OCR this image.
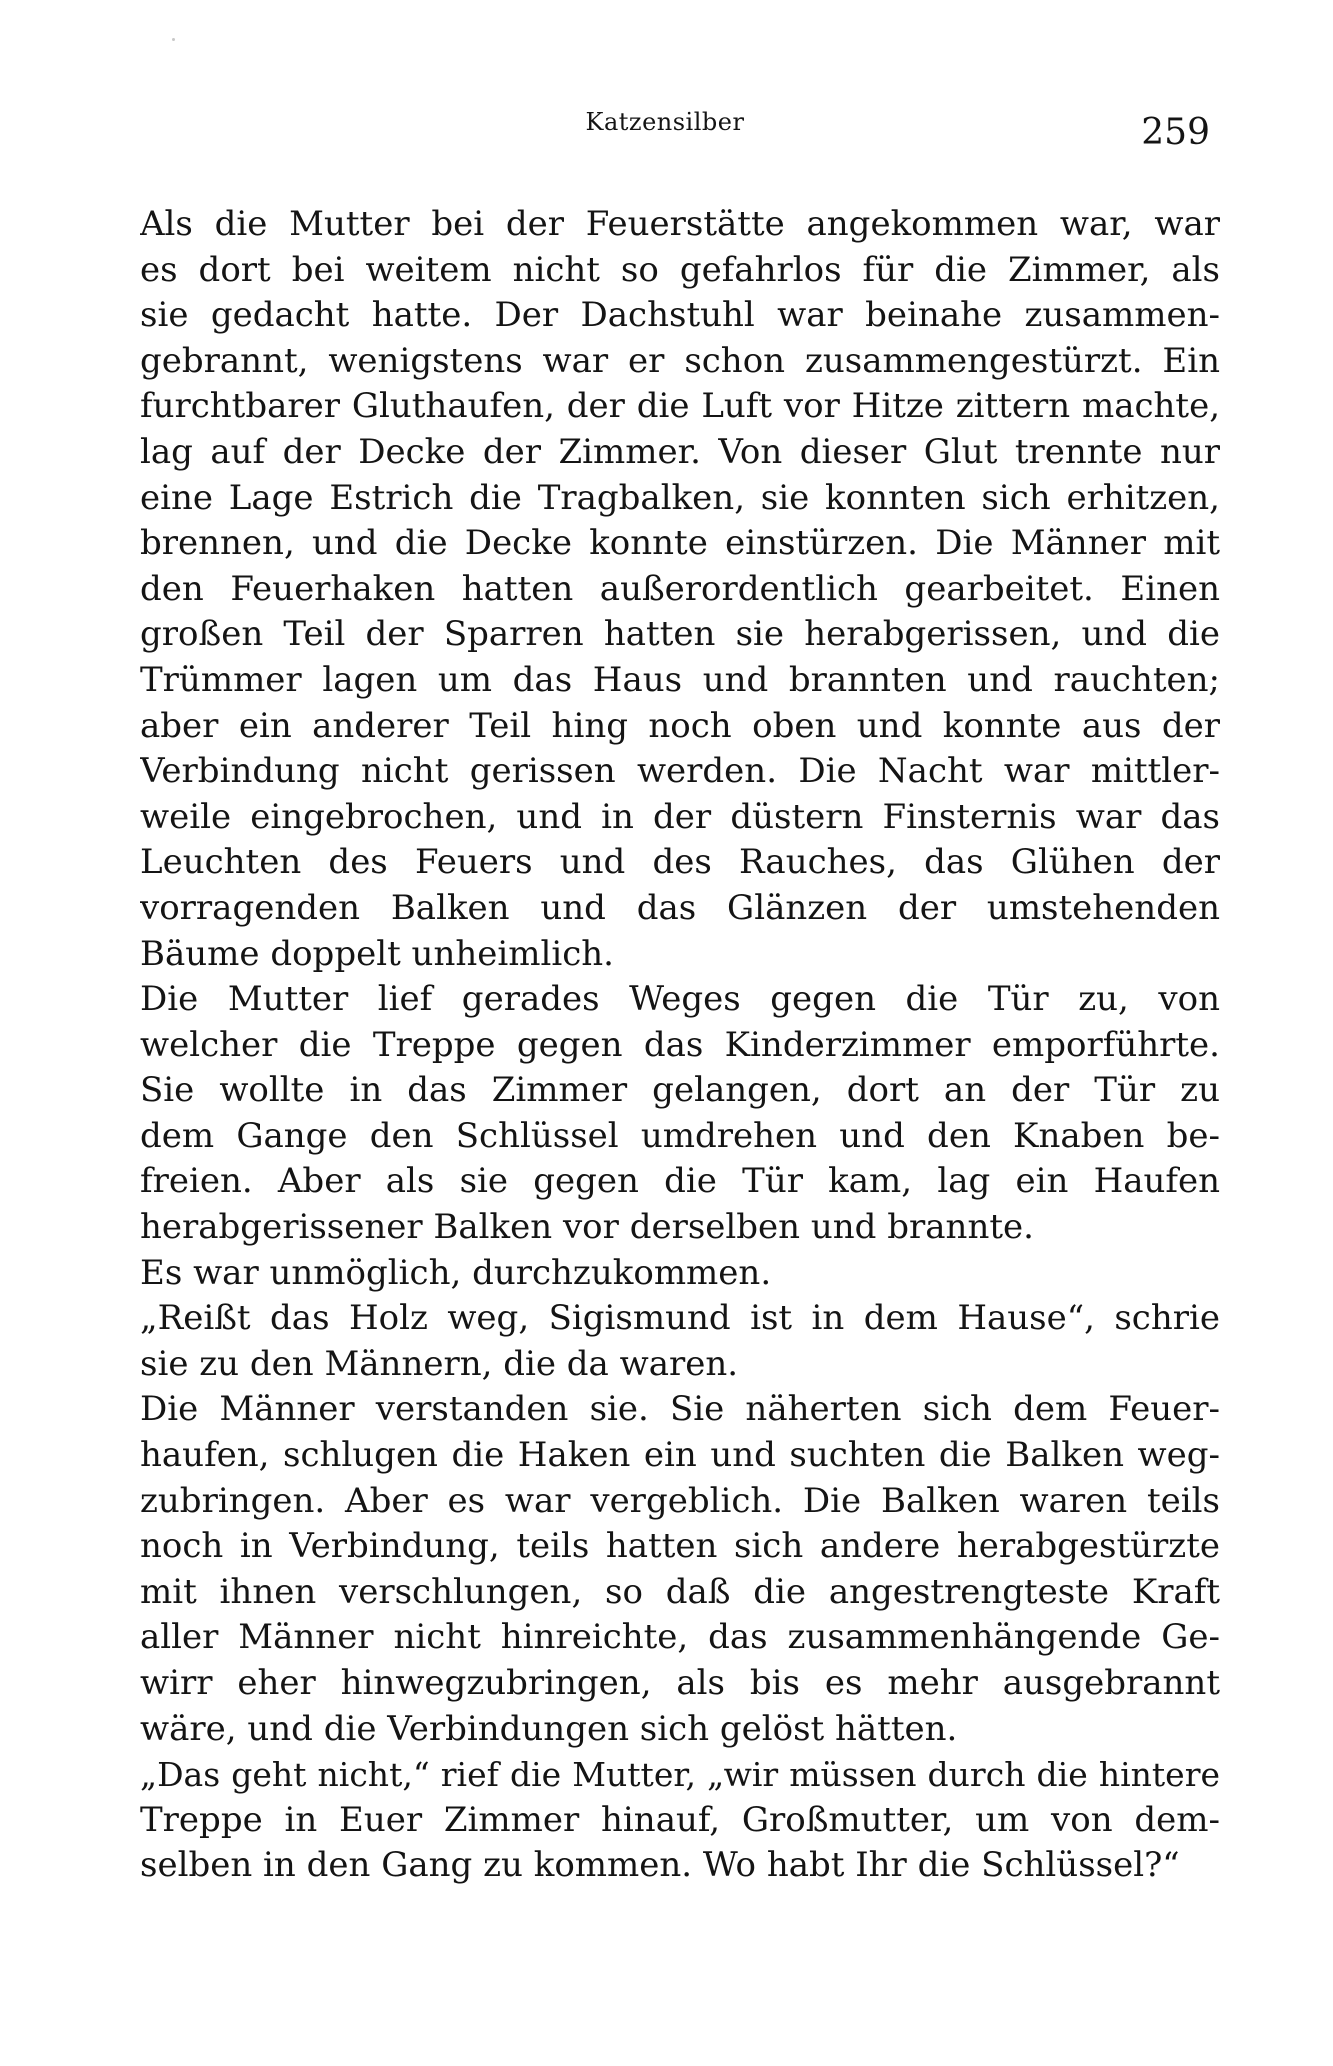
Katzensilber	259
Als die Mutter bei der Feuerstätte angekommen war, war
es dort bei weitem nicht so gefahrlos für die Zimmer, als
sie gedacht hatte. Der Dachstuhl war beinahe zusammen-
gebrannt, wenigstens war er schon zusammengestürzt. Ein
furchtbarer Gluthaufen, der die Luft vor Hitze zittern machte,
lag auf der Decke der Zimmer. Von dieser Glut trennte nur
eine Lage Estrich die Tragbalken, sie konnten sich erhitzen,
brennen, und die Decke konnte einstürzen. Die Männer mit
den Feuerhaken hatten außerordentlich gearbeitet. Einen
großen Teil der Sparren hatten sie herabgerissen, und die
Trümmer lagen um das Haus und brannten und rauchten;
aber ein anderer Teil hing noch oben und konnte aus der
Verbindung nicht gerissen werden. Die Nacht war mittler-
weile eingebrochen, und in der düstern Finsternis war das
Leuchten des Feuers und des Rauches, das Glühen der
vorragenden Balken und das Glänzen der umstehenden
Bäume doppelt unheimlich.
Die Mutter lief gerades Weges gegen die Tür zu, von
welcher die Treppe gegen das Kinderzimmer emporführte.
Sie wollte in das Zimmer gelangen, dort an der Tür zu
dem Gange den Schlüssel umdrehen und den Knaben be-
freien. Aber als sie gegen die Tür kam, lag ein Haufen
herabgerissener Balken vor derselben und brannte.
Es war unmöglich, durchzukommen.
„Reißt das Holz weg, Sigismund ist in dem Hause“, schrie
sie zu den Männern, die da waren.
Die Männer verstanden sie. Sie näherten sich dem Feuer-
haufen, schlugen die Haken ein und suchten die Balken weg-
zubringen. Aber es war vergeblich. Die Balken waren teils
noch in Verbindung, teils hatten sich andere herabgestürzte
mit ihnen verschlungen, so daß die angestrengteste Kraft
aller Männer nicht hinreichte, das zusammenhängende Ge-
wirr eher hinwegzubringen, als bis es mehr ausgebrannt
wäre, und die Verbindungen sich gelöst hätten.
„Das geht nicht,“ rief die Mutter, „wir müssen durch die hintere
Treppe in Euer Zimmer hinauf, Großmutter, um von dem-
selben in den Gang zu kommen. Wo habt Ihr die Schlüssel?“
